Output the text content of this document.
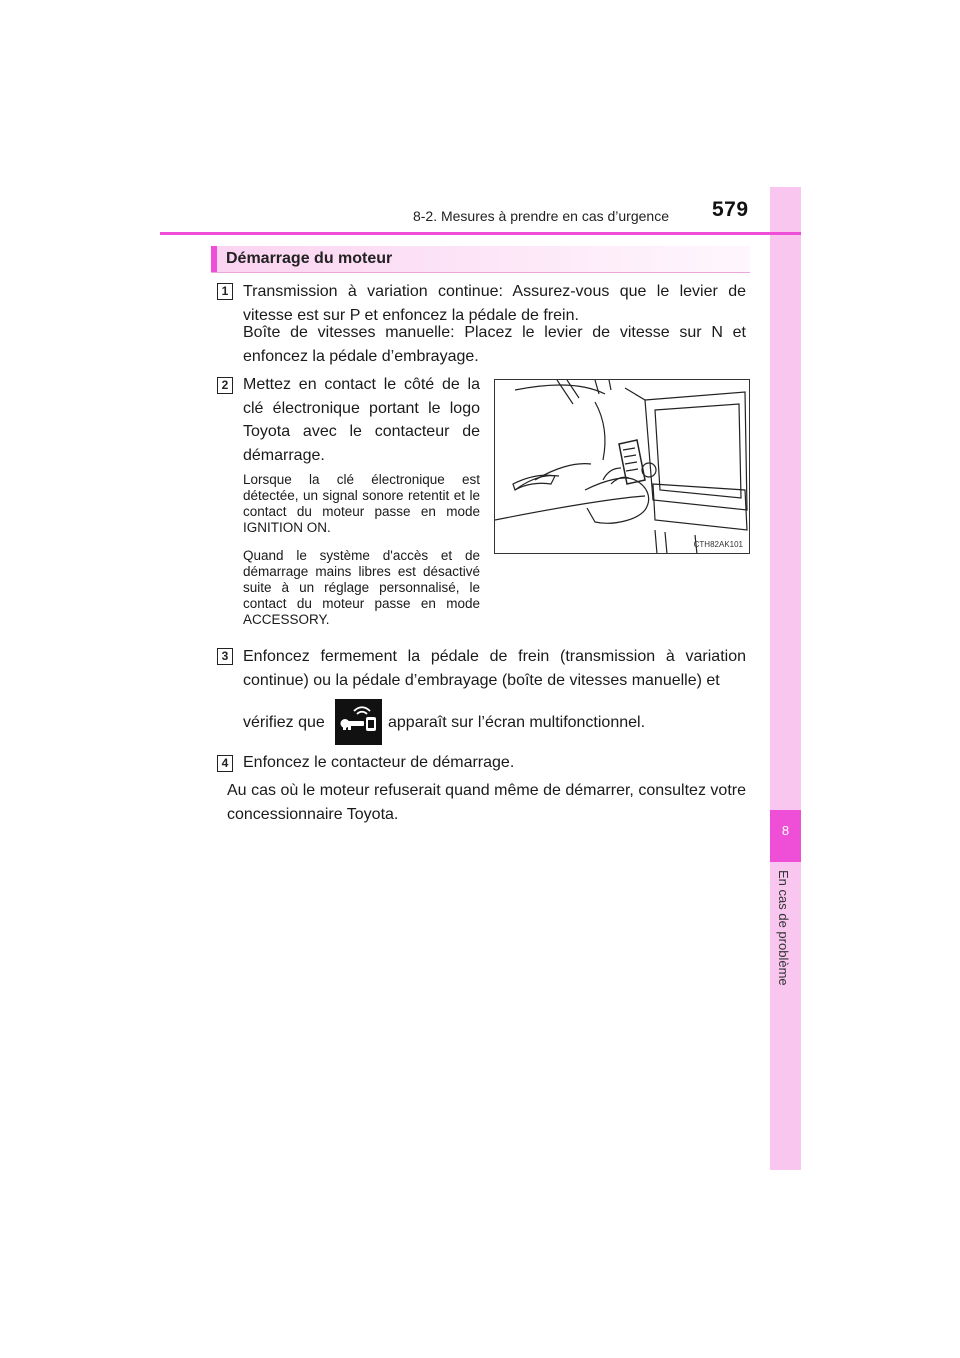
8
En cas de problème
8-2. Mesures à prendre en cas d’urgence 579
Démarrage du moteur
1 Transmission à variation continue: Assurez-vous que le levier de vitesse est sur P et enfoncez la pédale de frein.
Boîte de vitesses manuelle: Placez le levier de vitesse sur N et enfoncez la pédale d’embrayage.
2 Mettez en contact le côté de la clé électronique portant le logo Toyota avec le contacteur de démarrage.
Lorsque la clé électronique est détectée, un signal sonore retentit et le contact du moteur passe en mode IGNITION ON.
Quand le système d'accès et de démarrage mains libres est désactivé suite à un réglage personnalisé, le contact du moteur passe en mode ACCESSORY.
CTH82AK101
3 Enfoncez fermement la pédale de frein (transmission à variation continue) ou la pédale d’embrayage (boîte de vitesses manuelle) et
vérifiez que	apparaît sur l’écran multifonctionnel.
4 Enfoncez le contacteur de démarrage.
Au cas où le moteur refuserait quand même de démarrer, consultez votre concessionnaire Toyota.
